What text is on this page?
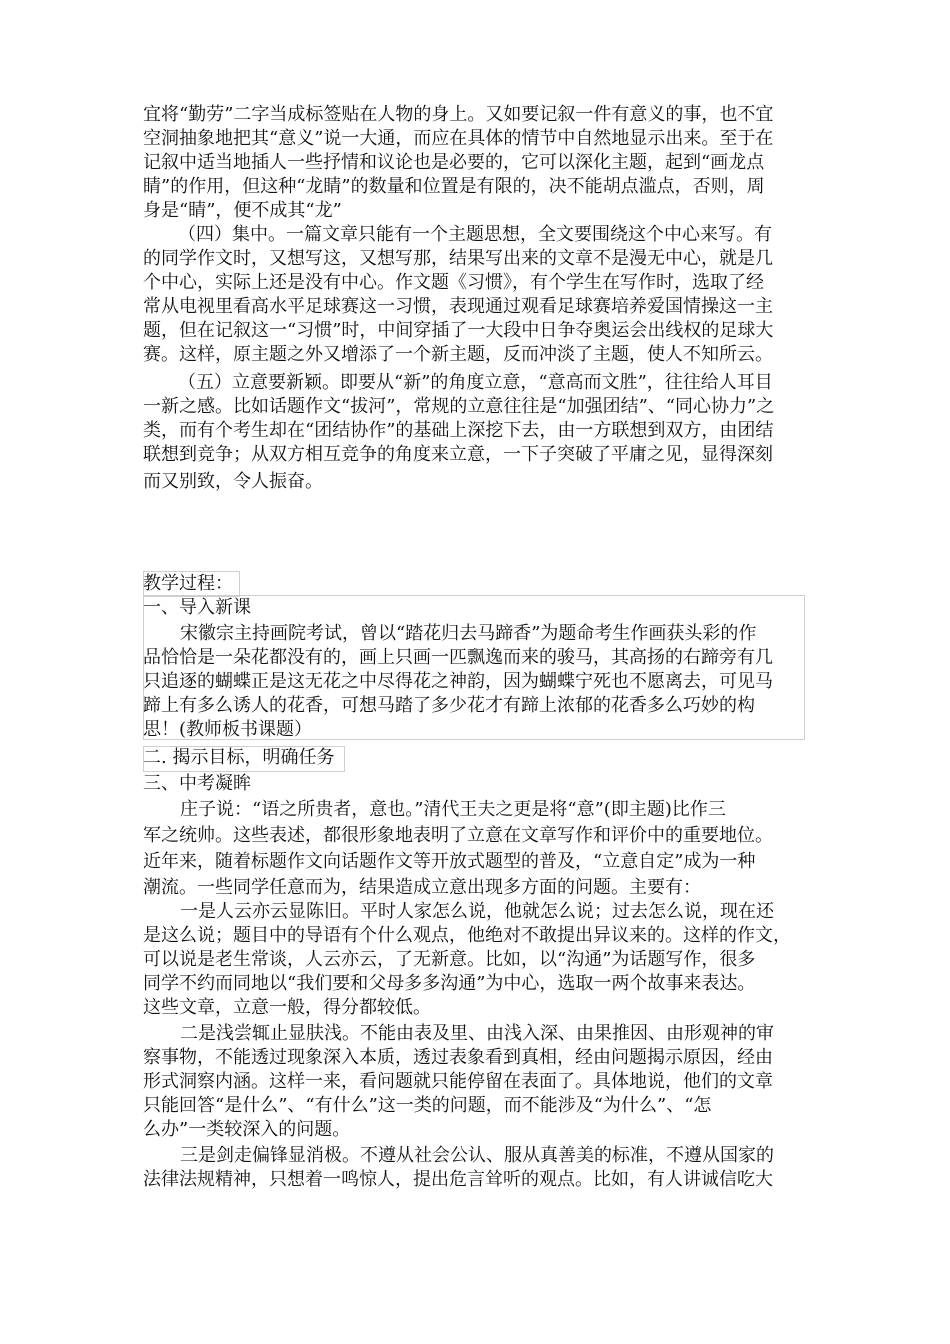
宜将“勤劳”二字当成标签贴在人物的身上。又如要记叙一件有意义的事，也不宜

空洞抽象地把其“意义”说一大通，而应在具体的情节中自然地显示出来。至于在

记叙中适当地插人一些抒情和议论也是必要的，它可以深化主题，起到“画龙点

睛”的作用，但这种“龙睛”的数量和位置是有限的，决不能胡点滥点，否则，周

身是“睛”，便不成其“龙”

（四）集中。一篇文章只能有一个主题思想，全文要围绕这个中心来写。有

的同学作文时，又想写这，又想写那，结果写出来的文章不是漫无中心，就是几

个中心，实际上还是没有中心。作文题《习惯》，有个学生在写作时，选取了经

常从电视里看高水平足球赛这一习惯，表现通过观看足球赛培养爱国情操这一主

题，但在记叙这一“习惯”时，中间穿插了一大段中日争夺奥运会出线权的足球大

赛。这样，原主题之外又增添了一个新主题，反而冲淡了主题，使人不知所云。

（五）立意要新颖。即要从“新”的角度立意，“意高而文胜”，往往给人耳目

一新之感。比如话题作文“拔河”，常规的立意往往是“加强团结”、“同心协力”之

类，而有个考生却在“团结协作”的基础上深挖下去，由一方联想到双方，由团结

联想到竞争；从双方相互竞争的角度来立意，一下子突破了平庸之见，显得深刻

而又别致，令人振奋。

教学过程：

一、导入新课

宋徽宗主持画院考试，曾以“踏花归去马蹄香”为题命考生作画获头彩的作

品恰恰是一朵花都没有的，画上只画一匹飘逸而来的骏马，其高扬的右蹄旁有几

只追逐的蝴蝶正是这无花之中尽得花之神韵，因为蝴蝶宁死也不愿离去，可见马

蹄上有多么诱人的花香，可想马踏了多少花才有蹄上浓郁的花香多么巧妙的构

思！(教师板书课题）

二. 揭示目标，明确任务

三、中考凝眸

庄子说：“语之所贵者，意也。”清代王夫之更是将“意”(即主题)比作三

军之统帅。这些表述，都很形象地表明了立意在文章写作和评价中的重要地位。

近年来，随着标题作文向话题作文等开放式题型的普及，“立意自定”成为一种

潮流。一些同学任意而为，结果造成立意出现多方面的问题。主要有：

一是人云亦云显陈旧。平时人家怎么说，他就怎么说；过去怎么说，现在还

是这么说；题目中的导语有个什么观点，他绝对不敢提出异议来的。这样的作文，

可以说是老生常谈，人云亦云，了无新意。比如，以“沟通”为话题写作，很多

同学不约而同地以“我们要和父母多多沟通”为中心，选取一两个故事来表达。

这些文章，立意一般，得分都较低。

二是浅尝辄止显肤浅。不能由表及里、由浅入深、由果推因、由形观神的审

察事物，不能透过现象深入本质，透过表象看到真相，经由问题揭示原因，经由

形式洞察内涵。这样一来，看问题就只能停留在表面了。具体地说，他们的文章

只能回答“是什么”、“有什么”这一类的问题，而不能涉及“为什么”、“怎

么办”一类较深入的问题。

三是剑走偏锋显消极。不遵从社会公认、服从真善美的标准，不遵从国家的

法律法规精神，只想着一鸣惊人，提出危言耸听的观点。比如，有人讲诚信吃大
